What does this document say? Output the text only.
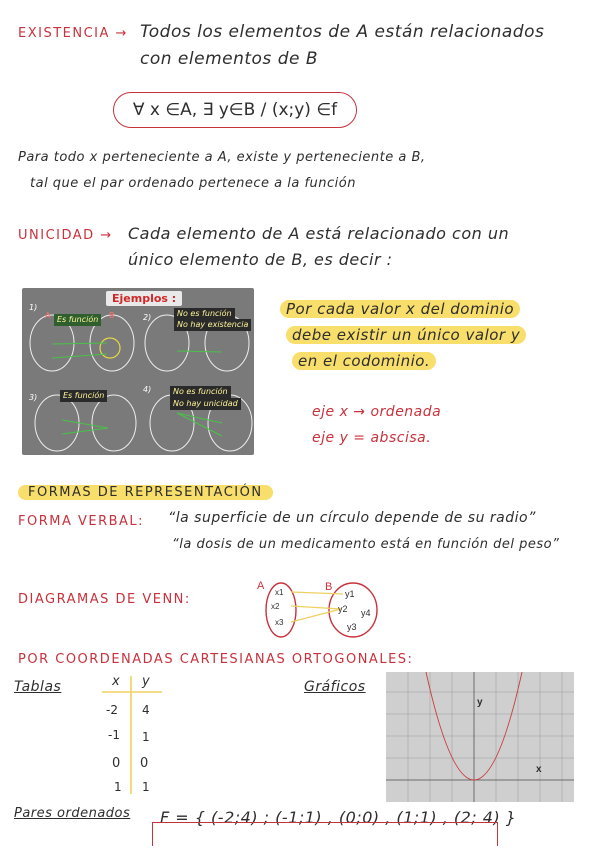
EXISTENCIA → Todos los elementos de A están relacionados
con elementos de B
∀ x ∈A, ∃ y∈B / (x;y) ∈f
Para todo x perteneciente a A, existe y perteneciente a B,
tal que el par ordenado pertenece a la función
UNICIDAD → Cada elemento de A está relacionado con un
único elemento de B, es decir :
Ejemplos :
1)
2)
3)
4)
A	B
Es función
No es función
No hay existencia
Es función	No es función
No hay unicidad
Por cada valor x del dominio
debe existir un único valor y
en el codominio.
eje x → ordenada
eje y = abscisa.
FORMAS DE REPRESENTACIÓN
FORMA VERBAL: “la superficie de un círculo depende de su radio”
“la dosis de un medicamento está en función del peso”
DIAGRAMAS DE VENN:
A	B
x1
x2
x3
y1
y2
y3
y4
POR COORDENADAS CARTESIANAS ORTOGONALES:
Tablas	Gráficos
x y
-2 4
-1 1
0 0
1 1
y
x
Pares ordenados F = { (-2;4) ; (-1;1) , (0;0) , (1;1) , (2; 4) }
